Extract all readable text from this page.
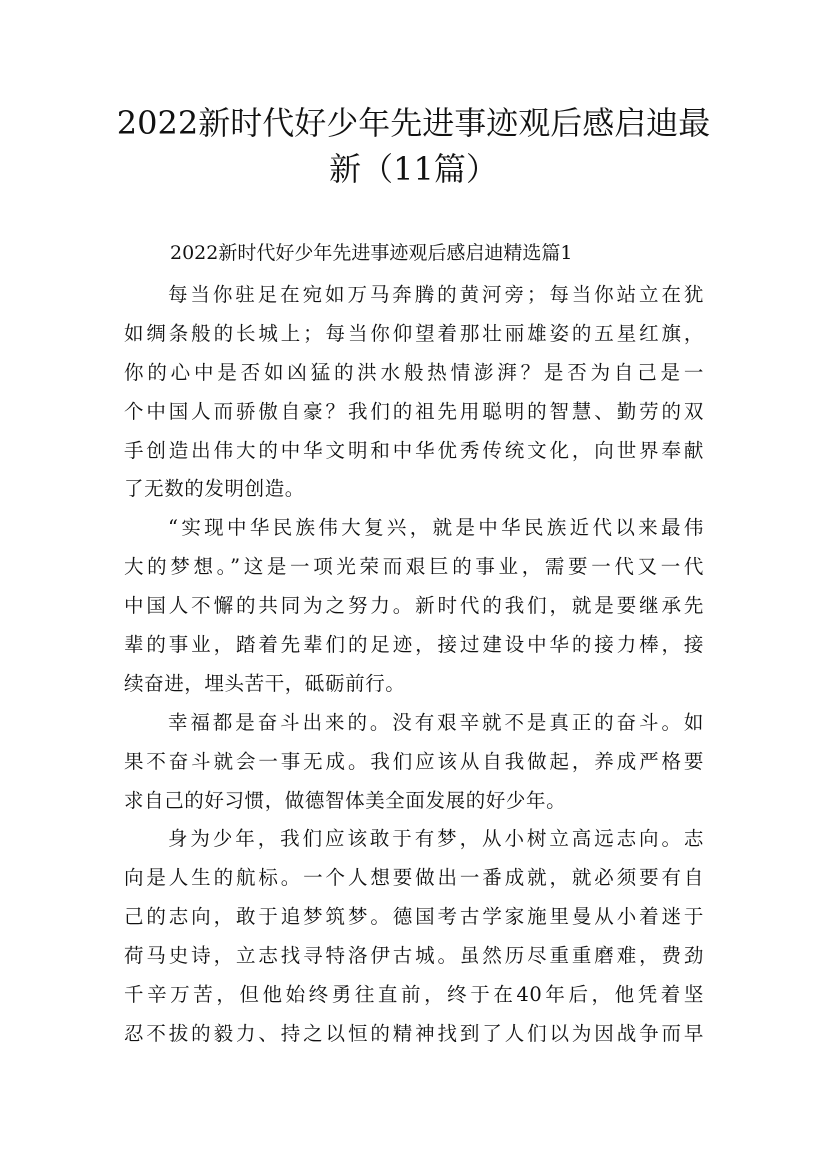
2022新时代好少年先进事迹观后感启迪最
新（11篇）

2022新时代好少年先进事迹观后感启迪精选篇1

每当你驻足在宛如万马奔腾的黄河旁；每当你站立在犹
如绸条般的长城上；每当你仰望着那壮丽雄姿的五星红旗，
你的心中是否如凶猛的洪水般热情澎湃？是否为自己是一
个中国人而骄傲自豪？我们的祖先用聪明的智慧、勤劳的双
手创造出伟大的中华文明和中华优秀传统文化，向世界奉献
了无数的发明创造。
“实现中华民族伟大复兴，就是中华民族近代以来最伟
大的梦想。”这是一项光荣而艰巨的事业，需要一代又一代
中国人不懈的共同为之努力。新时代的我们，就是要继承先
辈的事业，踏着先辈们的足迹，接过建设中华的接力棒，接
续奋进，埋头苦干，砥砺前行。
幸福都是奋斗出来的。没有艰辛就不是真正的奋斗。如
果不奋斗就会一事无成。我们应该从自我做起，养成严格要
求自己的好习惯，做德智体美全面发展的好少年。
身为少年，我们应该敢于有梦，从小树立高远志向。志
向是人生的航标。一个人想要做出一番成就，就必须要有自
己的志向，敢于追梦筑梦。德国考古学家施里曼从小着迷于
荷马史诗，立志找寻特洛伊古城。虽然历尽重重磨难，费劲
千辛万苦，但他始终勇往直前，终于在40年后，他凭着坚
忍不拔的毅力、持之以恒的精神找到了人们以为因战争而早
